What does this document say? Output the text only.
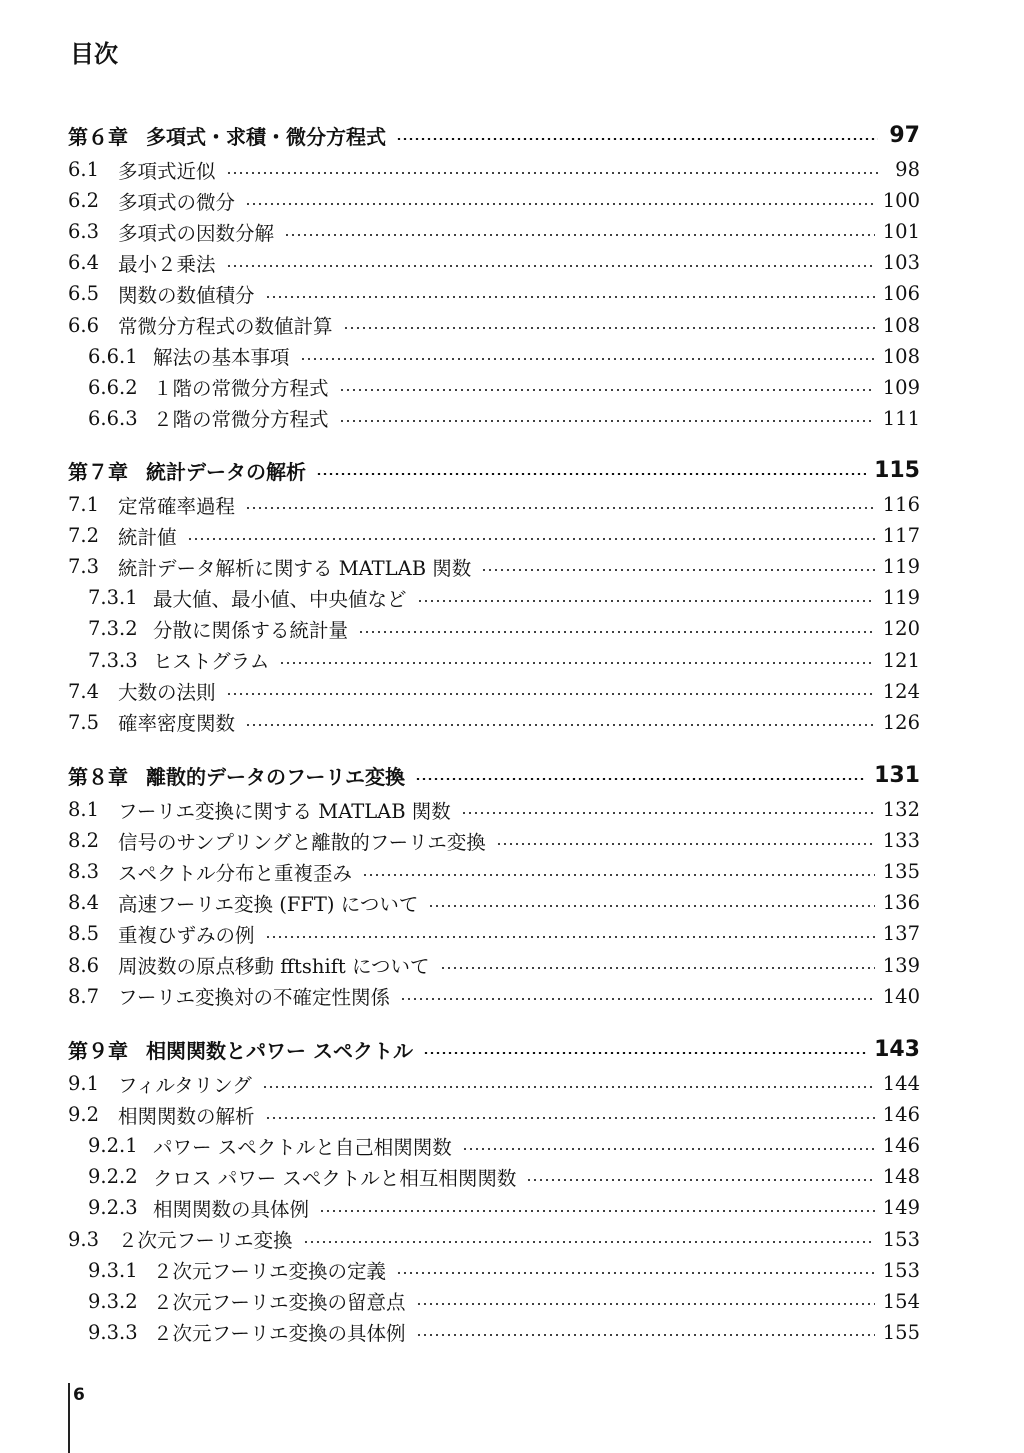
目次
第６章 多項式・求積・微分方程式	97
6.1 多項式近似	98
6.2 多項式の微分	100
6.3 多項式の因数分解	101
6.4 最小２乗法	103
6.5 関数の数値積分	106
6.6 常微分方程式の数値計算	108
6.6.1 解法の基本事項	108
6.6.2 １階の常微分方程式	109
6.6.3 ２階の常微分方程式	111
第７章 統計データの解析	115
7.1 定常確率過程	116
7.2 統計値	117
7.3 統計データ解析に関する MATLAB 関数	119
7.3.1 最大値、最小値、中央値など	119
7.3.2 分散に関係する統計量	120
7.3.3 ヒストグラム	121
7.4 大数の法則	124
7.5 確率密度関数	126
第８章 離散的データのフーリエ変換	131
8.1 フーリエ変換に関する MATLAB 関数	132
8.2 信号のサンプリングと離散的フーリエ変換	133
8.3 スペクトル分布と重複歪み	135
8.4 高速フーリエ変換 (FFT) について	136
8.5 重複ひずみの例	137
8.6 周波数の原点移動 fftshift について	139
8.7 フーリエ変換対の不確定性関係	140
第９章 相関関数とパワー スペクトル	143
9.1 フィルタリング	144
9.2 相関関数の解析	146
9.2.1 パワー スペクトルと自己相関関数	146
9.2.2 クロス パワー スペクトルと相互相関関数	148
9.2.3 相関関数の具体例	149
9.3 ２次元フーリエ変換	153
9.3.1 ２次元フーリエ変換の定義	153
9.3.2 ２次元フーリエ変換の留意点	154
9.3.3 ２次元フーリエ変換の具体例	155
6
